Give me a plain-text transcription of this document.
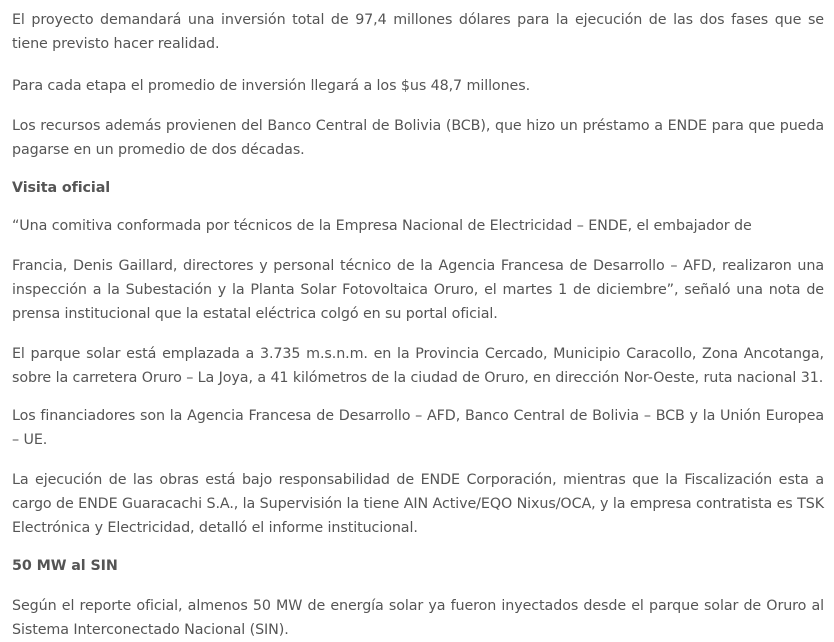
El proyecto demandará una inversión total de 97,4 millones dólares para la ejecución de las dos fases que se tiene previsto hacer realidad.

Para cada etapa el promedio de inversión llegará a los $us 48,7 millones.

Los recursos además provienen del Banco Central de Bolivia (BCB), que hizo un préstamo a ENDE para que pueda pagarse en un promedio de dos décadas.

Visita oficial

“Una comitiva conformada por técnicos de la Empresa Nacional de Electricidad – ENDE, el embajador de

Francia, Denis Gaillard, directores y personal técnico de la Agencia Francesa de Desarrollo – AFD, realizaron una inspección a la Subestación y la Planta Solar Fotovoltaica Oruro, el martes 1 de diciembre”, señaló una nota de prensa institucional que la estatal eléctrica colgó en su portal oficial.

El parque solar está emplazada a 3.735 m.s.n.m. en la Provincia Cercado, Municipio Caracollo, Zona Ancotanga, sobre la carretera Oruro – La Joya, a 41 kilómetros de la ciudad de Oruro, en dirección Nor-Oeste, ruta nacional 31.

Los financiadores son la Agencia Francesa de Desarrollo – AFD, Banco Central de Bolivia – BCB y la Unión Europea – UE.

La ejecución de las obras está bajo responsabilidad de ENDE Corporación, mientras que la Fiscalización esta a cargo de ENDE Guaracachi S.A., la Supervisión la tiene AIN Active/EQO Nixus/OCA, y la empresa contratista es TSK Electrónica y Electricidad, detalló el informe institucional.

50 MW al SIN

Según el reporte oficial, almenos 50 MW de energía solar ya fueron inyectados desde el parque solar de Oruro al Sistema Interconectado Nacional (SIN).
